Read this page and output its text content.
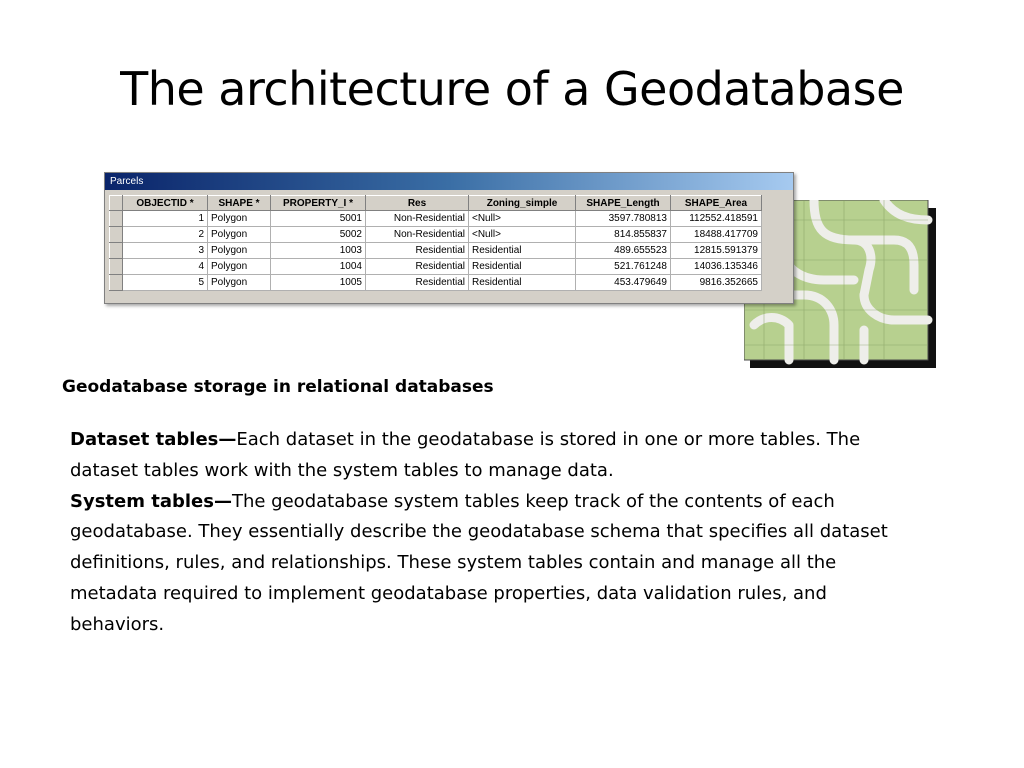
The architecture of a Geodatabase
Parcels
	OBJECTID *	SHAPE *	PROPERTY_I *	Res	Zoning_simple	SHAPE_Length	SHAPE_Area
	1	Polygon	5001	Non-Residential	<Null>	3597.780813	112552.418591
	2	Polygon	5002	Non-Residential	<Null>	814.855837	18488.417709
	3	Polygon	1003	Residential	Residential	489.655523	12815.591379
	4	Polygon	1004	Residential	Residential	521.761248	14036.135346
	5	Polygon	1005	Residential	Residential	453.479649	9816.352665
Geodatabase storage in relational databases

Dataset tables—Each dataset in the geodatabase is stored in one or more tables. The dataset tables work with the system tables to manage data.
System tables—The geodatabase system tables keep track of the contents of each geodatabase. They essentially describe the geodatabase schema that specifies all dataset definitions, rules, and relationships. These system tables contain and manage all the metadata required to implement geodatabase properties, data validation rules, and behaviors.
